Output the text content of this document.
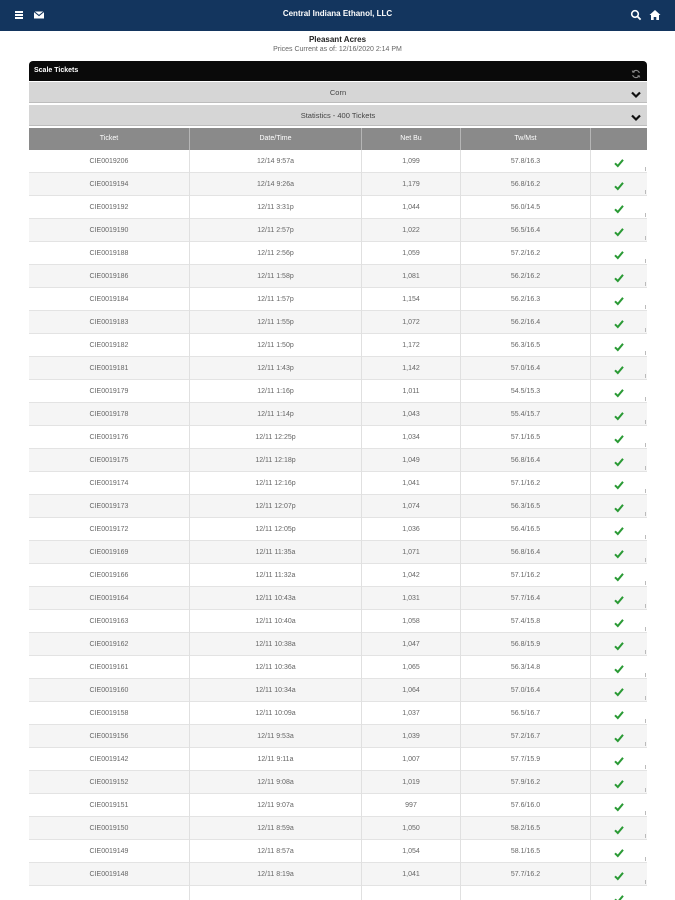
Central Indiana Ethanol, LLC
Pleasant Acres
Prices Current as of: 12/16/2020 2:14 PM
Scale Tickets
Corn
Statistics - 400 Tickets
Ticket	Date/Time	Net Bu	Tw/Mst
CIE0019206	12/14 9:57a	1,099	57.8/16.3
CIE0019194	12/14 9:26a	1,179	56.8/16.2
CIE0019192	12/11 3:31p	1,044	56.0/14.5
CIE0019190	12/11 2:57p	1,022	56.5/16.4
CIE0019188	12/11 2:56p	1,059	57.2/16.2
CIE0019186	12/11 1:58p	1,081	56.2/16.2
CIE0019184	12/11 1:57p	1,154	56.2/16.3
CIE0019183	12/11 1:55p	1,072	56.2/16.4
CIE0019182	12/11 1:50p	1,172	56.3/16.5
CIE0019181	12/11 1:43p	1,142	57.0/16.4
CIE0019179	12/11 1:16p	1,011	54.5/15.3
CIE0019178	12/11 1:14p	1,043	55.4/15.7
CIE0019176	12/11 12:25p	1,034	57.1/16.5
CIE0019175	12/11 12:18p	1,049	56.8/16.4
CIE0019174	12/11 12:16p	1,041	57.1/16.2
CIE0019173	12/11 12:07p	1,074	56.3/16.5
CIE0019172	12/11 12:05p	1,036	56.4/16.5
CIE0019169	12/11 11:35a	1,071	56.8/16.4
CIE0019166	12/11 11:32a	1,042	57.1/16.2
CIE0019164	12/11 10:43a	1,031	57.7/16.4
CIE0019163	12/11 10:40a	1,058	57.4/15.8
CIE0019162	12/11 10:38a	1,047	56.8/15.9
CIE0019161	12/11 10:36a	1,065	56.3/14.8
CIE0019160	12/11 10:34a	1,064	57.0/16.4
CIE0019158	12/11 10:09a	1,037	56.5/16.7
CIE0019156	12/11 9:53a	1,039	57.2/16.7
CIE0019142	12/11 9:11a	1,007	57.7/15.9
CIE0019152	12/11 9:08a	1,019	57.9/16.2
CIE0019151	12/11 9:07a	997	57.6/16.0
CIE0019150	12/11 8:59a	1,050	58.2/16.5
CIE0019149	12/11 8:57a	1,054	58.1/16.5
CIE0019148	12/11 8:19a	1,041	57.7/16.2
